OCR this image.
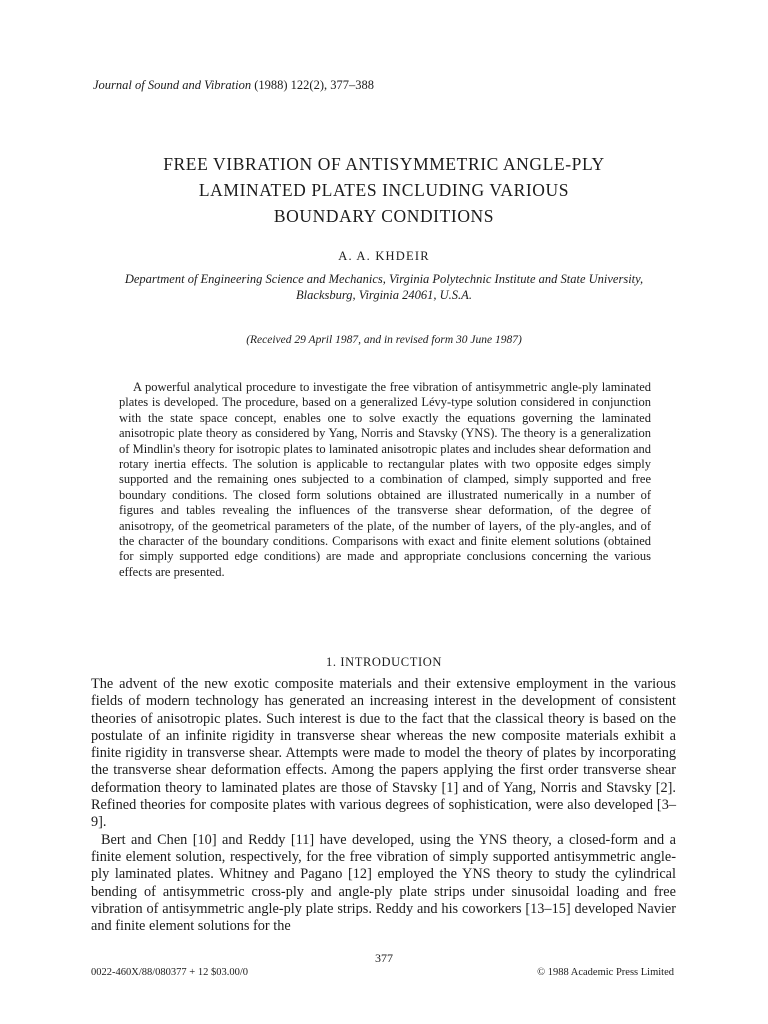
Journal of Sound and Vibration (1988) 122(2), 377–388
FREE VIBRATION OF ANTISYMMETRIC ANGLE-PLY
LAMINATED PLATES INCLUDING VARIOUS
BOUNDARY CONDITIONS
A. A. KHDEIR
Department of Engineering Science and Mechanics, Virginia Polytechnic Institute and State University,
Blacksburg, Virginia 24061, U.S.A.
(Received 29 April 1987, and in revised form 30 June 1987)
A powerful analytical procedure to investigate the free vibration of antisymmetric angle-ply laminated plates is developed. The procedure, based on a generalized Lévy-type solution considered in conjunction with the state space concept, enables one to solve exactly the equations governing the laminated anisotropic plate theory as considered by Yang, Norris and Stavsky (YNS). The theory is a generalization of Mindlin's theory for isotropic plates to laminated anisotropic plates and includes shear deformation and rotary inertia effects. The solution is applicable to rectangular plates with two opposite edges simply supported and the remaining ones subjected to a combination of clamped, simply supported and free boundary conditions. The closed form solutions obtained are illustrated numerically in a number of figures and tables revealing the influences of the transverse shear deformation, of the degree of anisotropy, of the geometrical parameters of the plate, of the number of layers, of the ply-angles, and of the character of the boundary conditions. Comparisons with exact and finite element solutions (obtained for simply supported edge conditions) are made and appropriate conclusions concerning the various effects are presented.
1. INTRODUCTION

The advent of the new exotic composite materials and their extensive employment in the various fields of modern technology has generated an increasing interest in the development of consistent theories of anisotropic plates. Such interest is due to the fact that the classical theory is based on the postulate of an infinite rigidity in transverse shear whereas the new composite materials exhibit a finite rigidity in transverse shear. Attempts were made to model the theory of plates by incorporating the transverse shear deformation effects. Among the papers applying the first order transverse shear deformation theory to laminated plates are those of Stavsky [1] and of Yang, Norris and Stavsky [2]. Refined theories for composite plates with various degrees of sophistication, were also developed [3–9].

Bert and Chen [10] and Reddy [11] have developed, using the YNS theory, a closed-form and a finite element solution, respectively, for the free vibration of simply supported antisymmetric angle-ply laminated plates. Whitney and Pagano [12] employed the YNS theory to study the cylindrical bending of antisymmetric cross-ply and angle-ply plate strips under sinusoidal loading and free vibration of antisymmetric angle-ply plate strips. Reddy and his coworkers [13–15] developed Navier and finite element solutions for the

377
0022-460X/88/080377 + 12 $03.00/0	© 1988 Academic Press Limited
